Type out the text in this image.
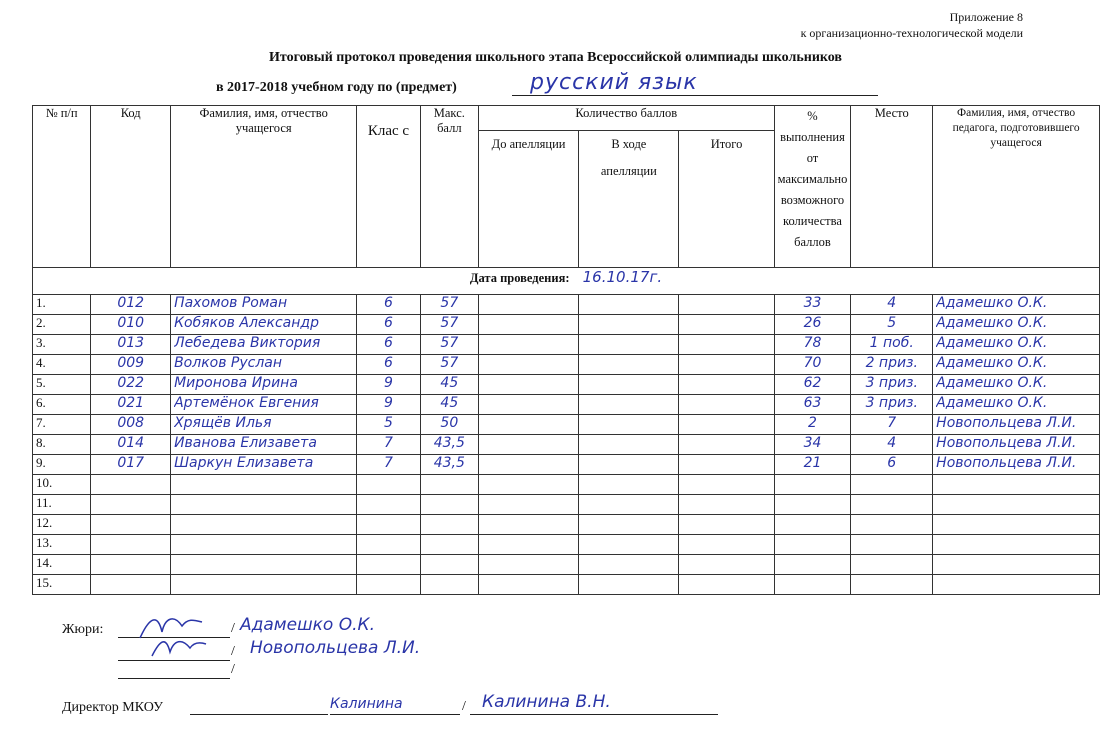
Приложение 8
к организационно-технологической модели
Итоговый протокол проведения школьного этапа Всероссийской олимпиады школьников
в 2017-2018 учебном году по (предмет)	русский язык
№ п/п	Код	Фамилия, имя, отчество учащегося	Клас с	Макс. балл	Количество баллов			% выполнения от максимально возможного количества баллов	Место	Фамилия, имя, отчество педагога, подготовившего учащегося
					До апелляции	В ходе апелляции	Итого			
Дата проведения: 16.10.17г.										
1.	012	Пахомов Роман	6	57				33	4	Адамешко О.К.

2.	010	Кобяков Александр	6	57				26	5	Адамешко О.К.

3.	013	Лебедева Виктория	6	57				78	1 поб.	Адамешко О.К.

4.	009	Волков Руслан	6	57				70	2 приз.	Адамешко О.К.

5.	022	Миронова Ирина	9	45				62	3 приз.	Адамешко О.К.

6.	021	Артемёнок Евгения	9	45				63	3 приз.	Адамешко О.К.

7.	008	Хрящёв Илья	5	50				2	7	Новопольцева Л.И.

8.	014	Иванова Елизавета	7	43,5				34	4	Новопольцева Л.И.

9.	017	Шаркун Елизавета	7	43,5				21	6	Новопольцева Л.И.

10.	

11.	

12.	

13.	

14.	

15.	

Жюри:	/ Адамешко О.К.
/ Новопольцева Л.И.
/
Директор МКОУ	Калинина	/ Калинина В.Н.
